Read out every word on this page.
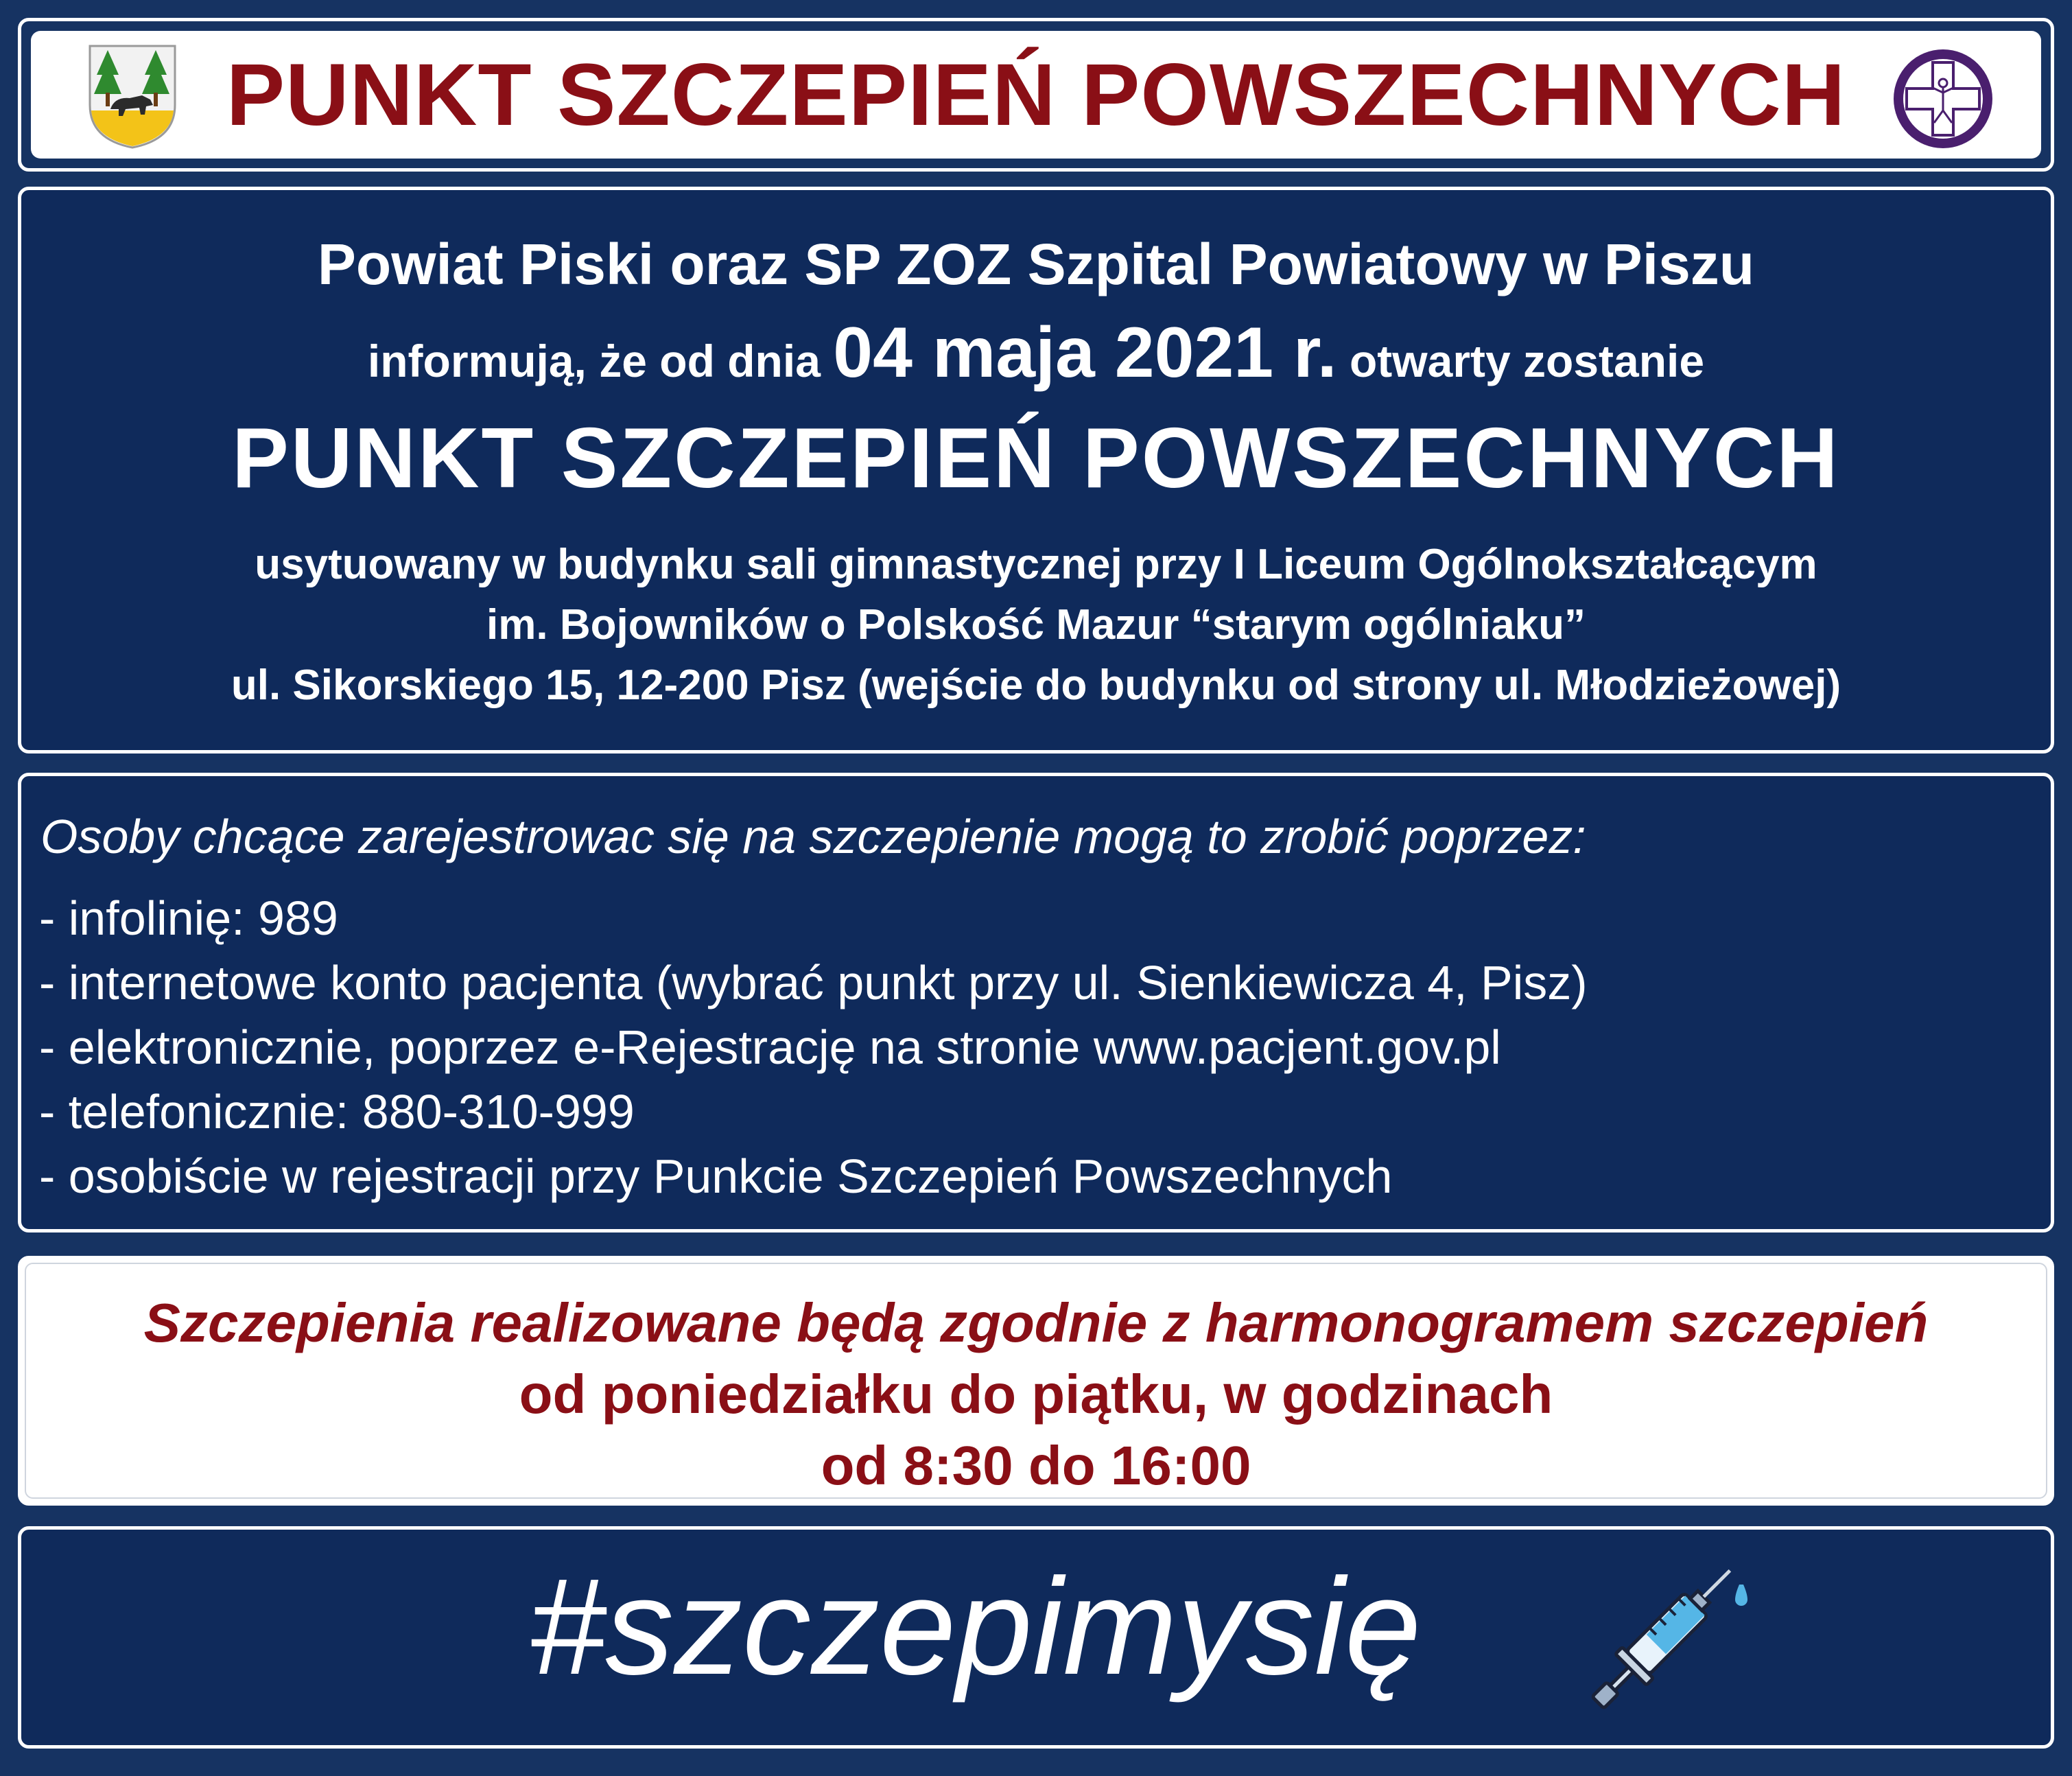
PUNKT SZCZEPIEŃ POWSZECHNYCH
Powiat Piski oraz SP ZOZ Szpital Powiatowy w Piszu
informują, że od dnia 04 maja 2021 r. otwarty zostanie
PUNKT SZCZEPIEŃ POWSZECHNYCH
usytuowany w budynku sali gimnastycznej przy I Liceum Ogólnokształcącym
im. Bojowników o Polskość Mazur “starym ogólniaku”
ul. Sikorskiego 15, 12-200 Pisz (wejście do budynku od strony ul. Młodzieżowej)
Osoby chcące zarejestrowac się na szczepienie mogą to zrobić poprzez:
- infolinię: 989
- internetowe konto pacjenta (wybrać punkt przy ul. Sienkiewicza 4, Pisz)
- elektronicznie, poprzez e-Rejestrację na stronie www.pacjent.gov.pl
- telefonicznie: 880-310-999
- osobiście w rejestracji przy Punkcie Szczepień Powszechnych
Szczepienia realizowane będą zgodnie z harmonogramem szczepień
od poniedziałku do piątku, w godzinach
od 8:30 do 16:00
#szczepimysię
